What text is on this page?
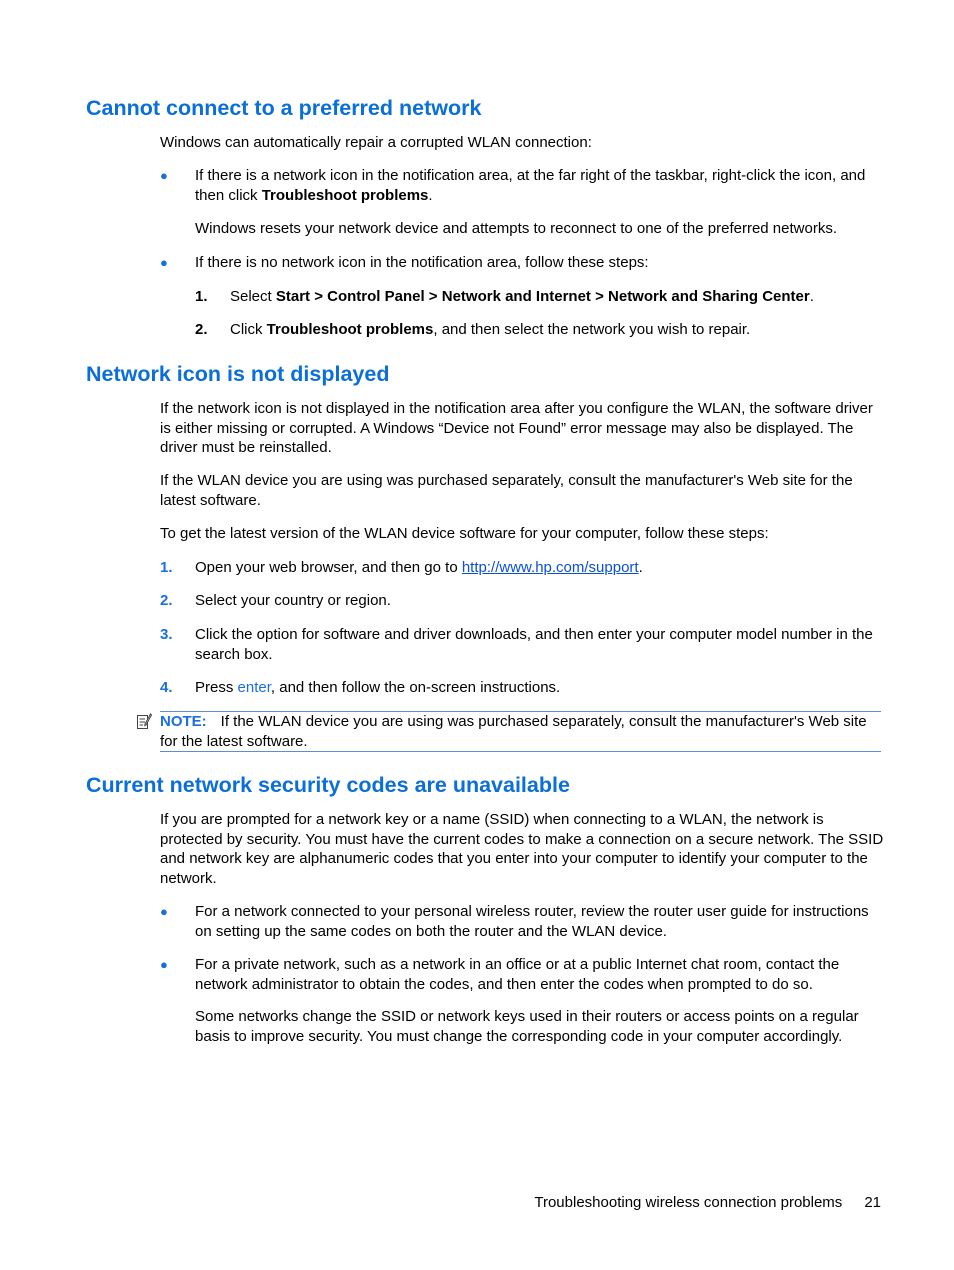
Cannot connect to a preferred network

Windows can automatically repair a corrupted WLAN connection:

● If there is a network icon in the notification area, at the far right of the taskbar, right-click the icon, and then click Troubleshoot problems.

Windows resets your network device and attempts to reconnect to one of the preferred networks.

● If there is no network icon in the notification area, follow these steps:

1. Select Start > Control Panel > Network and Internet > Network and Sharing Center.

2. Click Troubleshoot problems, and then select the network you wish to repair.

Network icon is not displayed

If the network icon is not displayed in the notification area after you configure the WLAN, the software driver is either missing or corrupted. A Windows “Device not Found” error message may also be displayed. The driver must be reinstalled.

If the WLAN device you are using was purchased separately, consult the manufacturer's Web site for the latest software.

To get the latest version of the WLAN device software for your computer, follow these steps:

1. Open your web browser, and then go to http://www.hp.com/support.

2. Select your country or region.

3. Click the option for software and driver downloads, and then enter your computer model number in the search box.

4. Press enter, and then follow the on-screen instructions.

NOTE: If the WLAN device you are using was purchased separately, consult the manufacturer's Web site for the latest software.

Current network security codes are unavailable

If you are prompted for a network key or a name (SSID) when connecting to a WLAN, the network is protected by security. You must have the current codes to make a connection on a secure network. The SSID and network key are alphanumeric codes that you enter into your computer to identify your computer to the network.

● For a network connected to your personal wireless router, review the router user guide for instructions on setting up the same codes on both the router and the WLAN device.

● For a private network, such as a network in an office or at a public Internet chat room, contact the network administrator to obtain the codes, and then enter the codes when prompted to do so.

Some networks change the SSID or network keys used in their routers or access points on a regular basis to improve security. You must change the corresponding code in your computer accordingly.

Troubleshooting wireless connection problems 21
